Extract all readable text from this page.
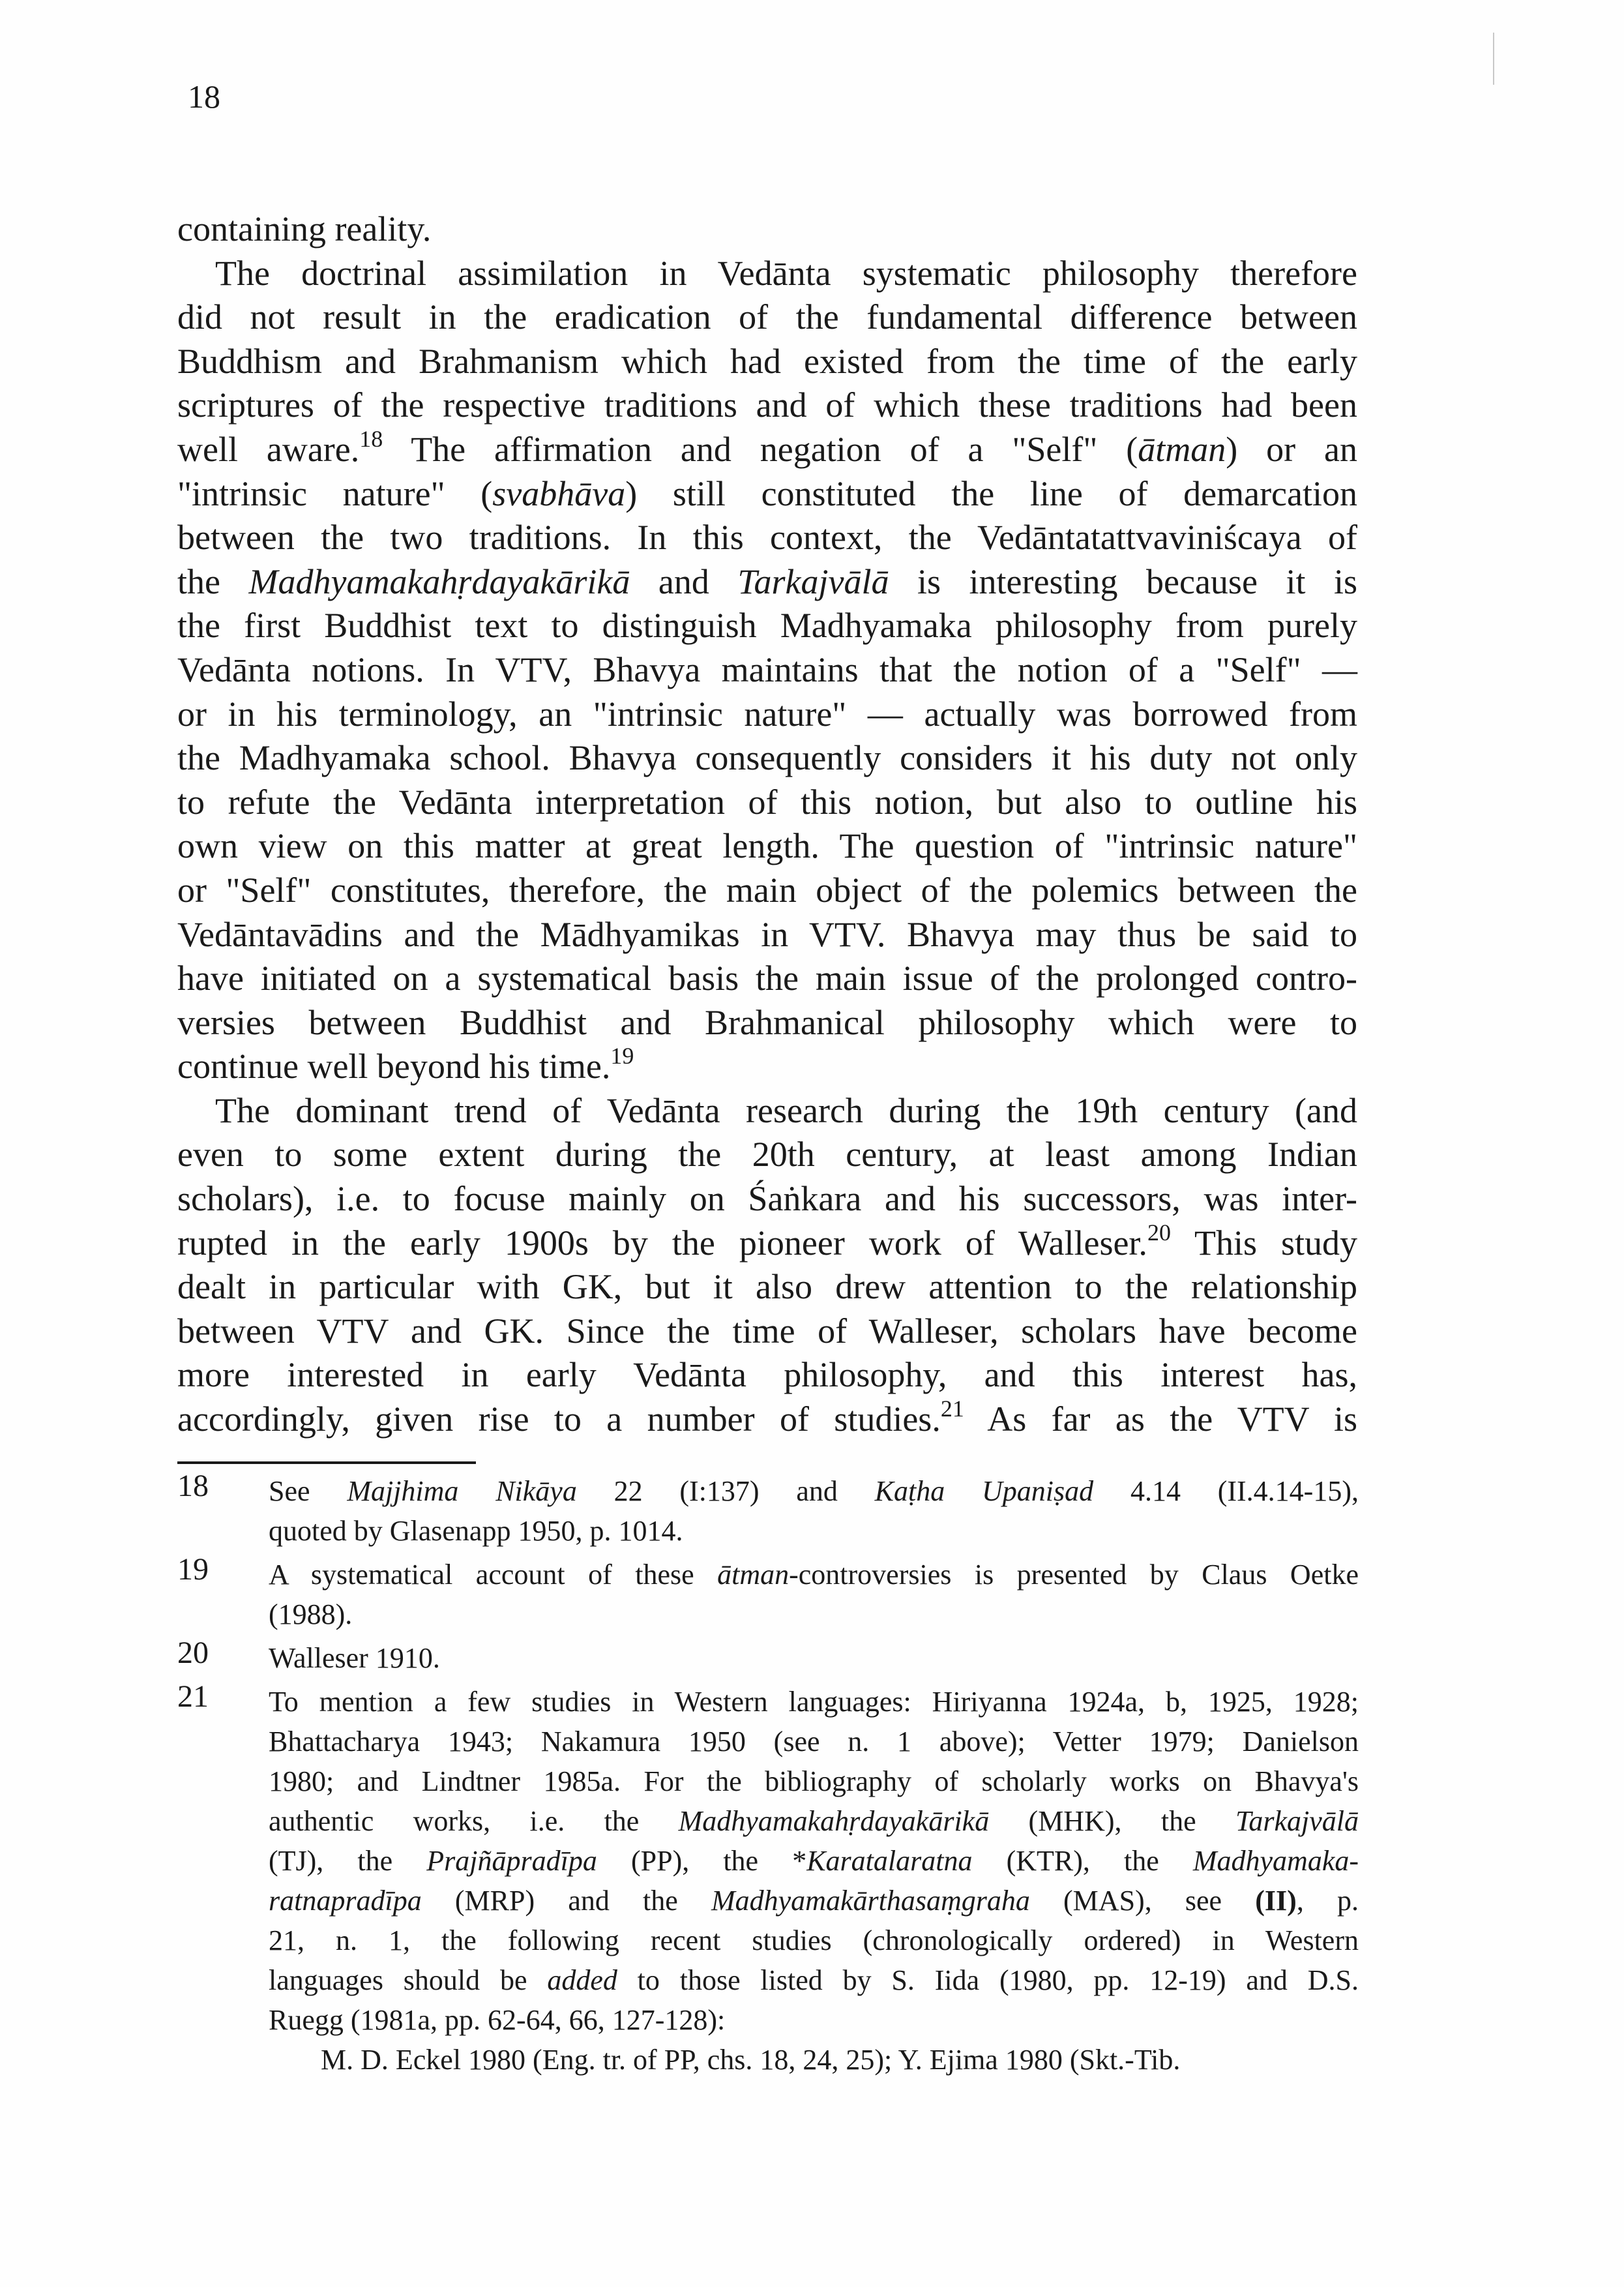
18
containing reality.
The doctrinal assimilation in Vedānta systematic philosophy therefore
did not result in the eradication of the fundamental difference between
Buddhism and Brahmanism which had existed from the time of the early
scriptures of the respective traditions and of which these traditions had been
well aware.$^{18}$ The affirmation and negation of a "Self" (ātman) or an
"intrinsic nature" (svabhāva) still constituted the line of demarcation
between the two traditions. In this context, the Vedāntatattvaviniścaya of
the Madhyamakahṛdayakārikā and Tarkajvālā is interesting because it is
the first Buddhist text to distinguish Madhyamaka philosophy from purely
Vedānta notions. In VTV, Bhavya maintains that the notion of a "Self" —
or in his terminology, an "intrinsic nature" — actually was borrowed from
the Madhyamaka school. Bhavya consequently considers it his duty not only
to refute the Vedānta interpretation of this notion, but also to outline his
own view on this matter at great length. The question of "intrinsic nature"
or "Self" constitutes, therefore, the main object of the polemics between the
Vedāntavādins and the Mādhyamikas in VTV. Bhavya may thus be said to
have initiated on a systematical basis the main issue of the prolonged contro-
versies between Buddhist and Brahmanical philosophy which were to
continue well beyond his time.$^{19}$
The dominant trend of Vedānta research during the 19th century (and
even to some extent during the 20th century, at least among Indian
scholars), i.e. to focuse mainly on Śaṅkara and his successors, was inter-
rupted in the early 1900s by the pioneer work of Walleser.$^{20}$ This study
dealt in particular with GK, but it also drew attention to the relationship
between VTV and GK. Since the time of Walleser, scholars have become
more interested in early Vedānta philosophy, and this interest has,
accordingly, given rise to a number of studies.$^{21}$ As far as the VTV is
18 See Majjhima Nikāya 22 (I:137) and Kaṭha Upaniṣad 4.14 (II.4.14-15),
quoted by Glasenapp 1950, p. 1014.
19 A systematical account of these ātman-controversies is presented by Claus Oetke
(1988).
20 Walleser 1910.
21 To mention a few studies in Western languages: Hiriyanna 1924a, b, 1925, 1928;
Bhattacharya 1943; Nakamura 1950 (see n. 1 above); Vetter 1979; Danielson
1980; and Lindtner 1985a. For the bibliography of scholarly works on Bhavya's
authentic works, i.e. the Madhyamakahṛdayakārikā (MHK), the Tarkajvālā
(TJ), the Prajñāpradīpa (PP), the *Karatalaratna (KTR), the Madhyamaka-
ratnapradīpa (MRP) and the Madhyamakārthasaṃgraha (MAS), see (II), p.
21, n. 1, the following recent studies (chronologically ordered) in Western
languages should be added to those listed by S. Iida (1980, pp. 12-19) and D.S.
Ruegg (1981a, pp. 62-64, 66, 127-128):
M. D. Eckel 1980 (Eng. tr. of PP, chs. 18, 24, 25); Y. Ejima 1980 (Skt.-Tib.
